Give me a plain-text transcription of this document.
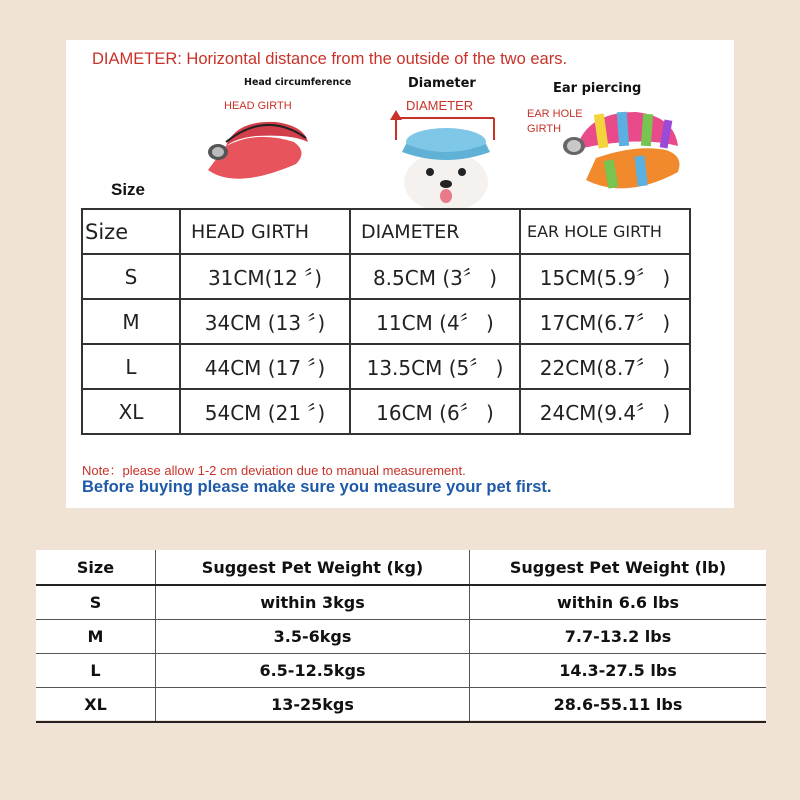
DIAMETER: Horizontal distance from the outside of the two ears.
Head circumference
HEAD GIRTH
Diameter
DIAMETER
Ear piercing
EAR HOLE
GIRTH
Size
Size	HEAD GIRTH	DIAMETER	EAR HOLE GIRTH
S	31CM(12 〞)	8.5CM (3〞 )	15CM(5.9〞 )
M	34CM (13 〞)	11CM (4〞 )	17CM(6.7〞 )
L	44CM (17 〞)	13.5CM (5〞 )	22CM(8.7〞 )
XL	54CM (21 〞)	16CM (6〞 )	24CM(9.4〞 )
Note：please allow 1-2 cm deviation due to manual measurement.
Before buying please make sure you measure your pet first.
Size	Suggest Pet Weight (kg)	Suggest Pet Weight (lb)
S	within 3kgs	within 6.6 lbs
M	3.5-6kgs	7.7-13.2 lbs
L	6.5-12.5kgs	14.3-27.5 lbs
XL	13-25kgs	28.6-55.11 lbs
